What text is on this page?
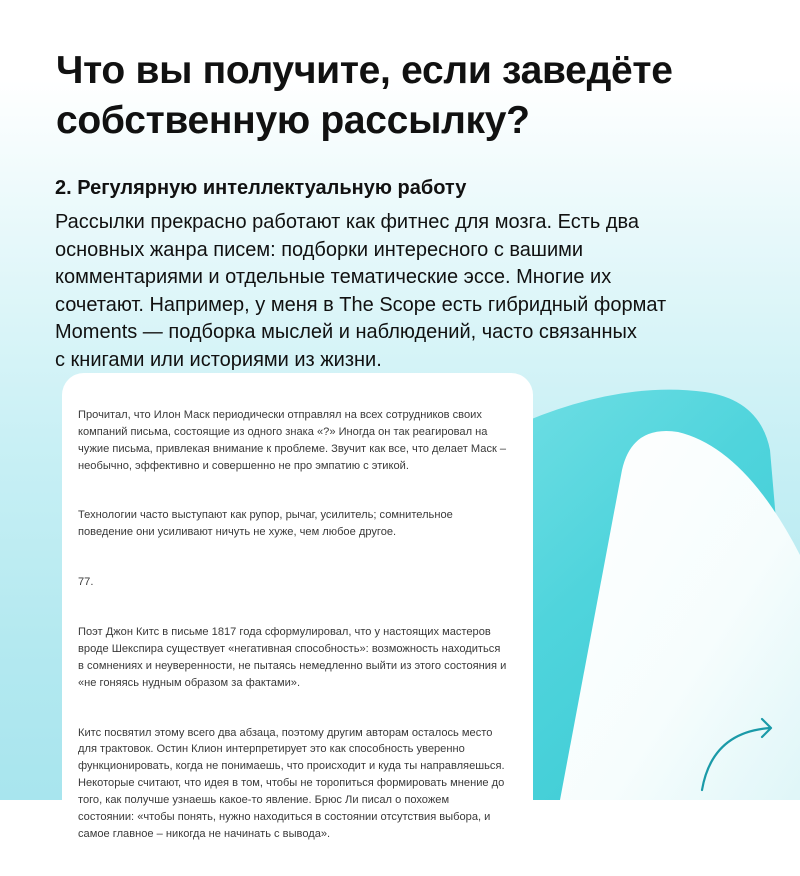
Что вы получите, если заведёте собственную рассылку?
2. Регулярную интеллектуальную работу
Рассылки прекрасно работают как фитнес для мозга. Есть два
основных жанра писем: подборки интересного с вашими
комментариями и отдельные тематические эссе. Многие их
сочетают. Например, у меня в The Scope есть гибридный формат
Moments — подборка мыслей и наблюдений, часто связанных
с книгами или историями из жизни.

Прочитал, что Илон Маск периодически отправлял на всех сотрудников своих
компаний письма, состоящие из одного знака «?» Иногда он так реагировал на
чужие письма, привлекая внимание к проблеме. Звучит как все, что делает Маск –
необычно, эффективно и совершенно не про эмпатию с этикой.

Технологии часто выступают как рупор, рычаг, усилитель; сомнительное
поведение они усиливают ничуть не хуже, чем любое другое.

77.

Поэт Джон Китс в письме 1817 года сформулировал, что у настоящих мастеров
вроде Шекспира существует «негативная способность»: возможность находиться
в сомнениях и неуверенности, не пытаясь немедленно выйти из этого состояния и
«не гоняясь нудным образом за фактами».

Китс посвятил этому всего два абзаца, поэтому другим авторам осталось место
для трактовок. Остин Клион интерпретирует это как способность уверенно
функционировать, когда не понимаешь, что происходит и куда ты направляешься.
Некоторые считают, что идея в том, чтобы не торопиться формировать мнение до
того, как получше узнаешь какое-то явление. Брюс Ли писал о похожем
состоянии: «чтобы понять, нужно находиться в состоянии отсутствия выбора, и
самое главное – никогда не начинать с вывода».
